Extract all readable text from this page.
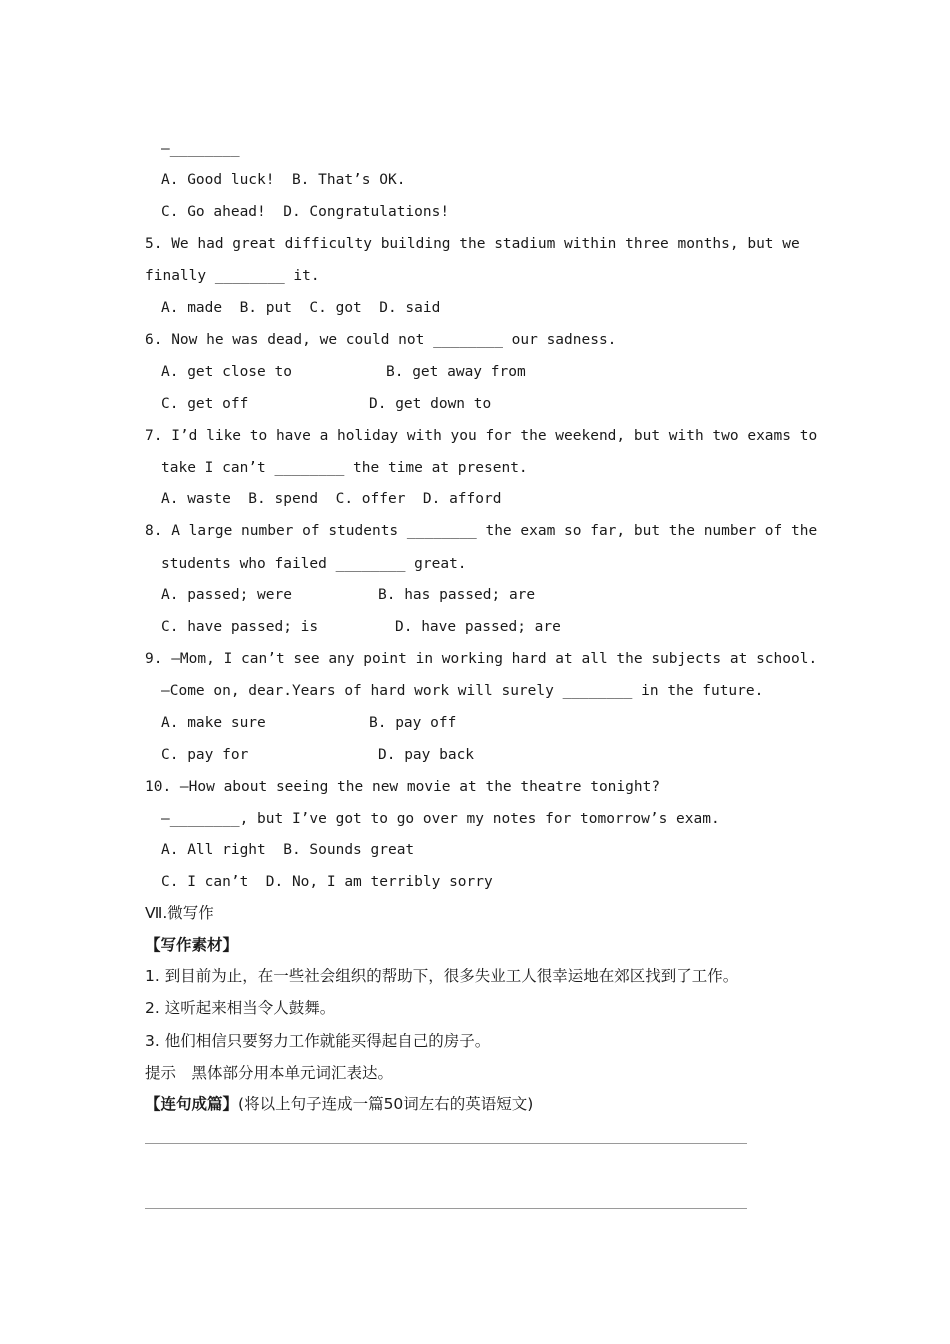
—________
A. Good luck!  B. That’s OK.
C. Go ahead!  D. Congratulations!
5. We had great difficulty building the stadium within three months, but we
finally ________ it.
A. made  B. put  C. got  D. said
6. Now he was dead, we could not ________ our sadness.
A. get close to	B. get away from
C. get off	D. get down to
7. I’d like to have a holiday with you for the weekend, but with two exams to
take I can’t ________ the time at present.
A. waste  B. spend  C. offer  D. afford
8. A large number of students ________ the exam so far, but the number of the
students who failed ________ great.
A. passed; were	B. has passed; are
C. have passed; is	D. have passed; are
9. —Mom, I can’t see any point in working hard at all the subjects at school.
—Come on, dear.Years of hard work will surely ________ in the future.
A. make sure	B. pay off
C. pay for	D. pay back
10. —How about seeing the new movie at the theatre tonight?
—________, but I’ve got to go over my notes for tomorrow’s exam.
A. All right  B. Sounds great
C. I can’t  D. No, I am terribly sorry
Ⅶ.微写作
【写作素材】
1. 到目前为止，在一些社会组织的帮助下，很多失业工人很幸运地在郊区找到了工作。
2. 这听起来相当令人鼓舞。
3. 他们相信只要努力工作就能买得起自己的房子。
提示　黑体部分用本单元词汇表达。
【连句成篇】(将以上句子连成一篇50词左右的英语短文)
